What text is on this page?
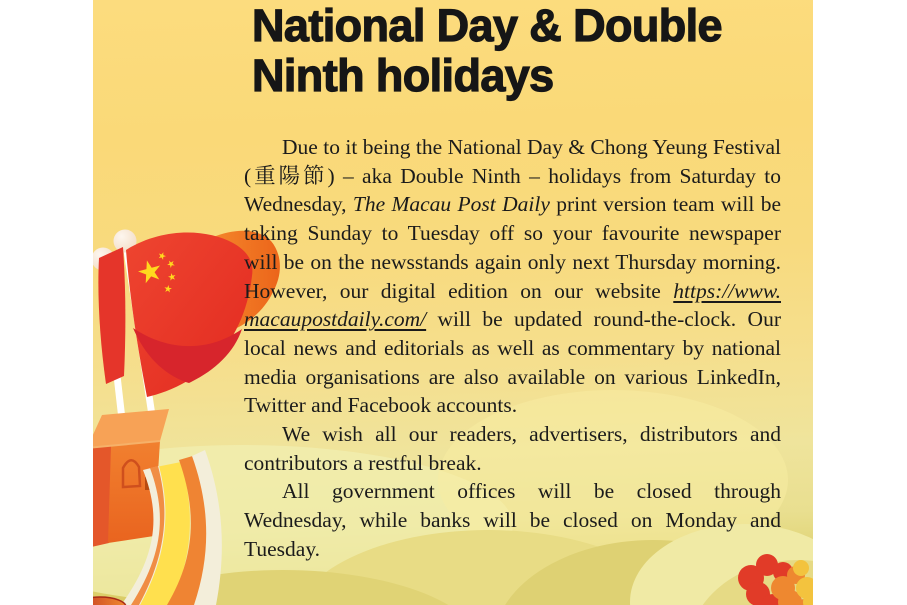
National Day & Double
Ninth holidays

Due to it being the National Day & Chong Yeung Festival (重陽節) – aka Double Ninth – holidays from Saturday to Wednesday, The Macau Post Daily print version team will be taking Sunday to Tuesday off so your favourite newspaper will be on the newsstands again only next Thursday morning. However, our digital edition on our website https://www.macaupostdaily.com/ will be updated round-the-clock. Our local news and editorials as well as commentary by national media organisations are also available on various LinkedIn, Twitter and Facebook accounts.

We wish all our readers, advertisers, distributors and contributors a restful break.

All government offices will be closed through Wednesday, while banks will be closed on Monday and Tuesday.
